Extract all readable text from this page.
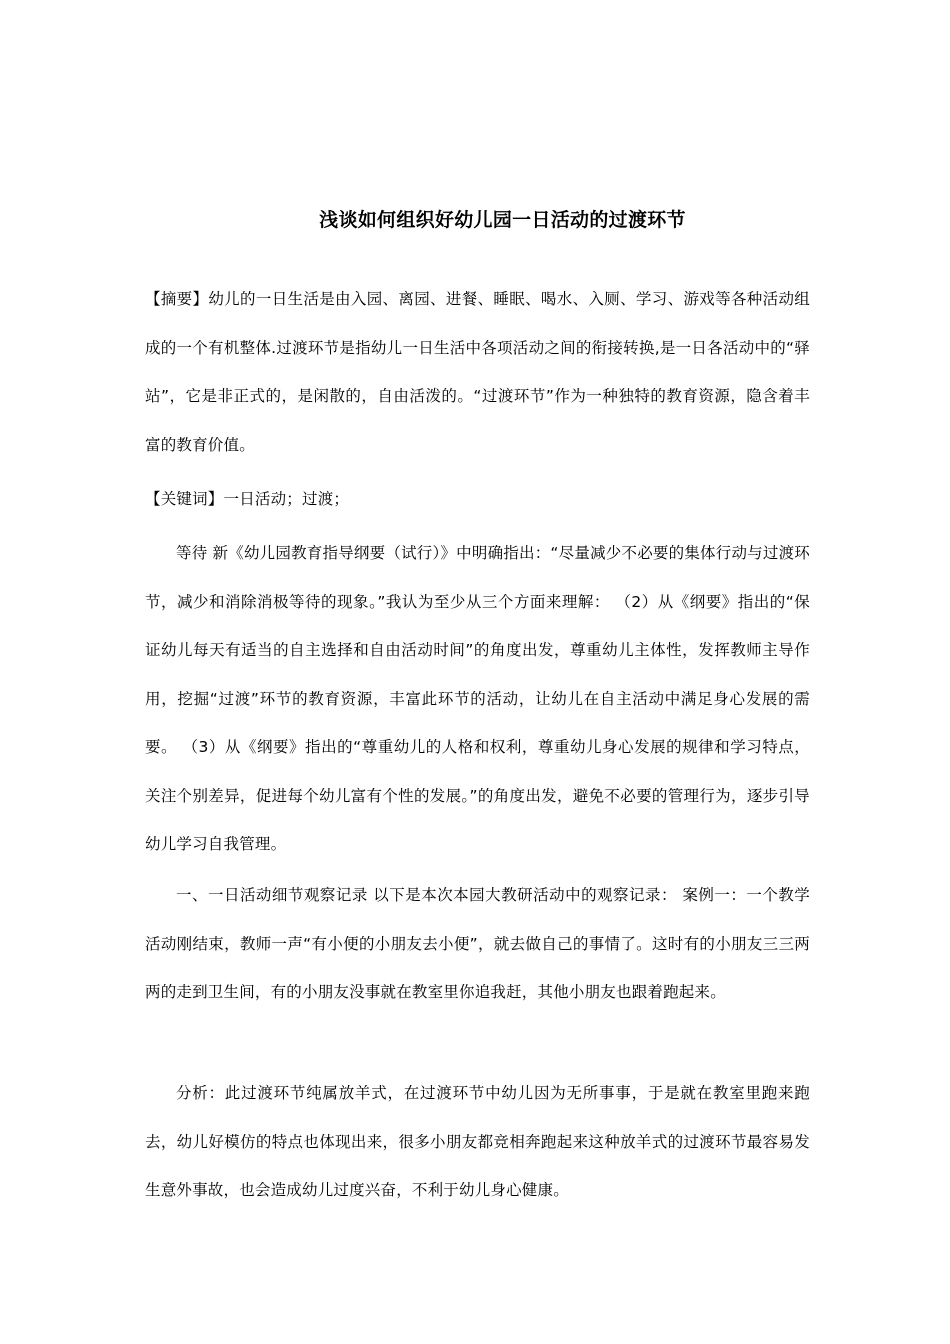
浅谈如何组织好幼儿园一日活动的过渡环节

【摘要】幼儿的一日生活是由入园、离园、进餐、睡眠、喝水、入厕、学习、游戏等各种活动组成的一个有机整体.过渡环节是指幼儿一日生活中各项活动之间的衔接转换,是一日各活动中的“驿站”，它是非正式的，是闲散的，自由活泼的。“过渡环节”作为一种独特的教育资源，隐含着丰富的教育价值。

【关键词】一日活动；过渡；

等待 新《幼儿园教育指导纲要（试行）》中明确指出：“尽量减少不必要的集体行动与过渡环节，减少和消除消极等待的现象。”我认为至少从三个方面来理解： （2）从《纲要》指出的“保证幼儿每天有适当的自主选择和自由活动时间”的角度出发，尊重幼儿主体性，发挥教师主导作用，挖掘“过渡”环节的教育资源，丰富此环节的活动，让幼儿在自主活动中满足身心发展的需要。 （3）从《纲要》指出的“尊重幼儿的人格和权利，尊重幼儿身心发展的规律和学习特点，关注个别差异，促进每个幼儿富有个性的发展。”的角度出发，避免不必要的管理行为，逐步引导幼儿学习自我管理。

一、一日活动细节观察记录 以下是本次本园大教研活动中的观察记录： 案例一：一个教学活动刚结束，教师一声“有小便的小朋友去小便”，就去做自己的事情了。这时有的小朋友三三两两的走到卫生间，有的小朋友没事就在教室里你追我赶，其他小朋友也跟着跑起来。

分析：此过渡环节纯属放羊式，在过渡环节中幼儿因为无所事事，于是就在教室里跑来跑去，幼儿好模仿的特点也体现出来，很多小朋友都竞相奔跑起来这种放羊式的过渡环节最容易发生意外事故，也会造成幼儿过度兴奋，不利于幼儿身心健康。
